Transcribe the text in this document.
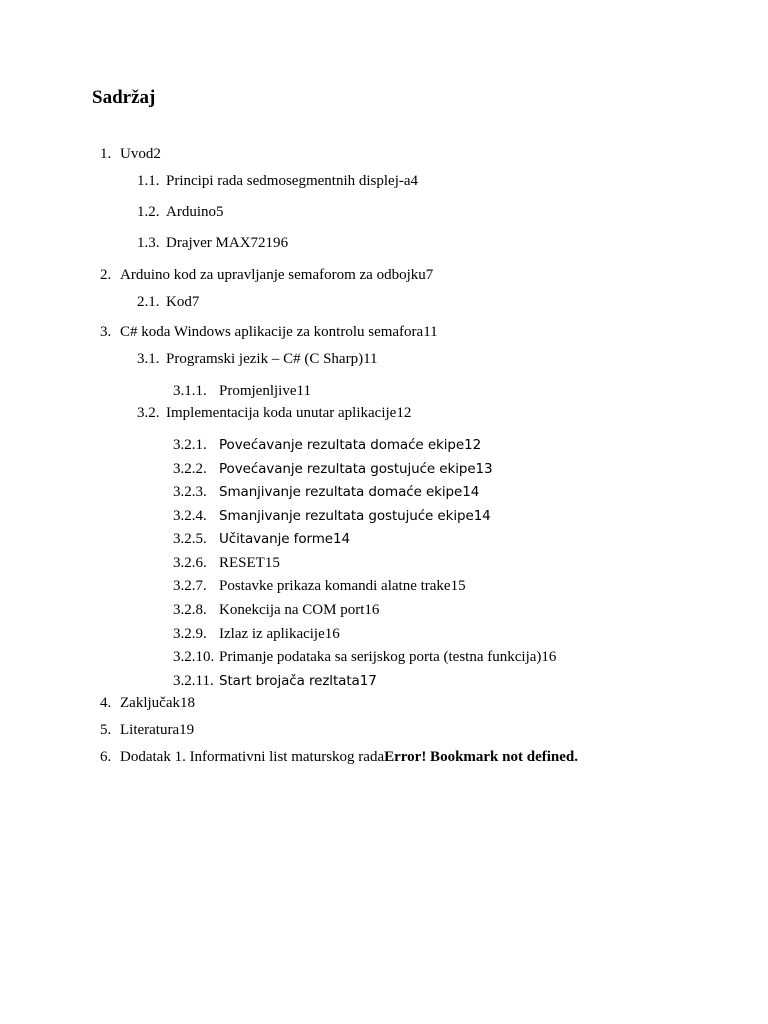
Sadržaj
1. Uvod2
1.1. Principi rada sedmosegmentnih displej-a4
1.2. Arduino5
1.3. Drajver MAX72196
2. Arduino kod za upravljanje semaforom za odbojku7
2.1. Kod7
3. C# koda Windows aplikacije za kontrolu semafora11
3.1. Programski jezik – C# (C Sharp)11
3.1.1. Promjenljive11
3.2. Implementacija koda unutar aplikacije12
3.2.1. Povećavanje rezultata domaće ekipe12
3.2.2. Povećavanje rezultata gostujuće ekipe13
3.2.3. Smanjivanje rezultata domaće ekipe14
3.2.4. Smanjivanje rezultata gostujuće ekipe14
3.2.5. Učitavanje forme14
3.2.6. RESET15
3.2.7. Postavke prikaza komandi alatne trake15
3.2.8. Konekcija na COM port16
3.2.9. Izlaz iz aplikacije16
3.2.10. Primanje podataka sa serijskog porta (testna funkcija)16
3.2.11. Start brojača rezltata17
4. Zaključak18
5. Literatura19
6. Dodatak 1. Informativni list maturskog radaError! Bookmark not defined.
